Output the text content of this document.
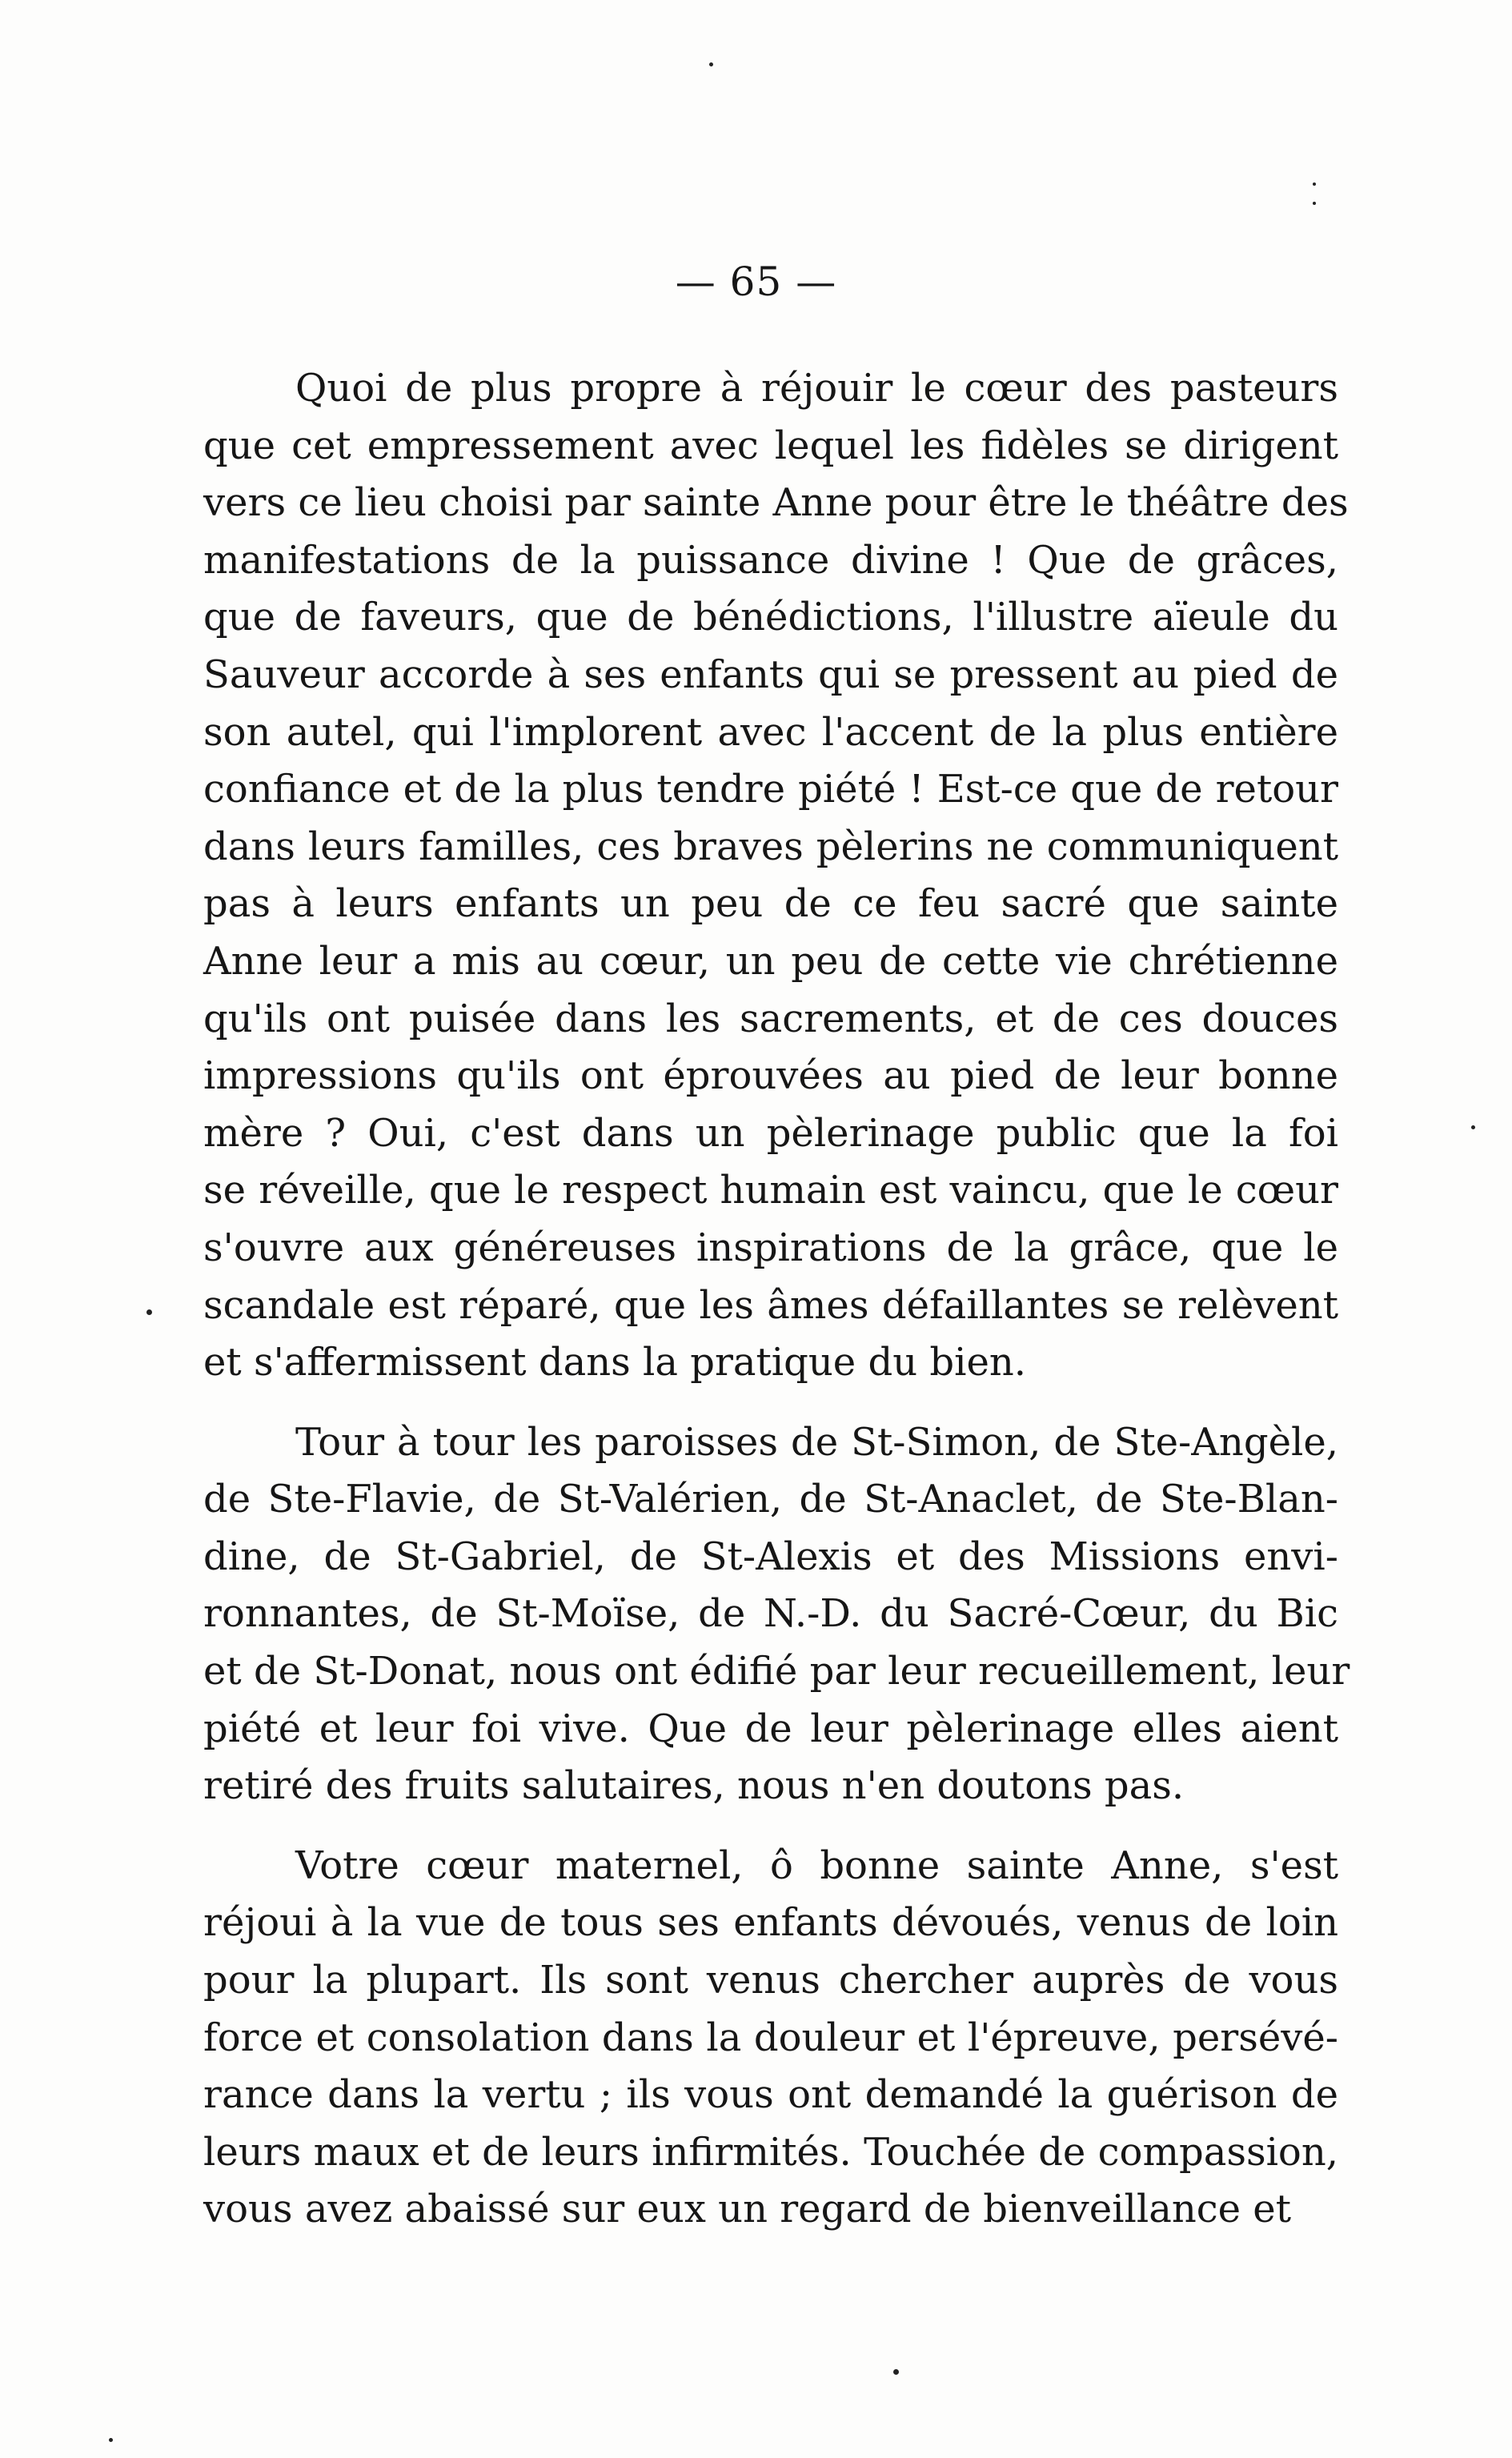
— 65 —

Quoi de plus propre à réjouir le cœur des pasteurs
que cet empressement avec lequel les fidèles se dirigent
vers ce lieu choisi par sainte Anne pour être le théâtre des
manifestations de la puissance divine ! Que de grâces,
que de faveurs, que de bénédictions, l'illustre aïeule du
Sauveur accorde à ses enfants qui se pressent au pied de
son autel, qui l'implorent avec l'accent de la plus entière
confiance et de la plus tendre piété ! Est-ce que de retour
dans leurs familles, ces braves pèlerins ne communiquent
pas à leurs enfants un peu de ce feu sacré que sainte
Anne leur a mis au cœur, un peu de cette vie chrétienne
qu'ils ont puisée dans les sacrements, et de ces douces
impressions qu'ils ont éprouvées au pied de leur bonne
mère ? Oui, c'est dans un pèlerinage public que la foi
se réveille, que le respect humain est vaincu, que le cœur
s'ouvre aux généreuses inspirations de la grâce, que le
scandale est réparé, que les âmes défaillantes se relèvent
et s'affermissent dans la pratique du bien.

Tour à tour les paroisses de St-Simon, de Ste-Angèle,
de Ste-Flavie, de St-Valérien, de St-Anaclet, de Ste-Blan-
dine, de St-Gabriel, de St-Alexis et des Missions envi-
ronnantes, de St-Moïse, de N.-D. du Sacré-Cœur, du Bic
et de St-Donat, nous ont édifié par leur recueillement, leur
piété et leur foi vive. Que de leur pèlerinage elles aient
retiré des fruits salutaires, nous n'en doutons pas.

Votre cœur maternel, ô bonne sainte Anne, s'est
réjoui à la vue de tous ses enfants dévoués, venus de loin
pour la plupart. Ils sont venus chercher auprès de vous
force et consolation dans la douleur et l'épreuve, persévé-
rance dans la vertu ; ils vous ont demandé la guérison de
leurs maux et de leurs infirmités. Touchée de compassion,
vous avez abaissé sur eux un regard de bienveillance et
